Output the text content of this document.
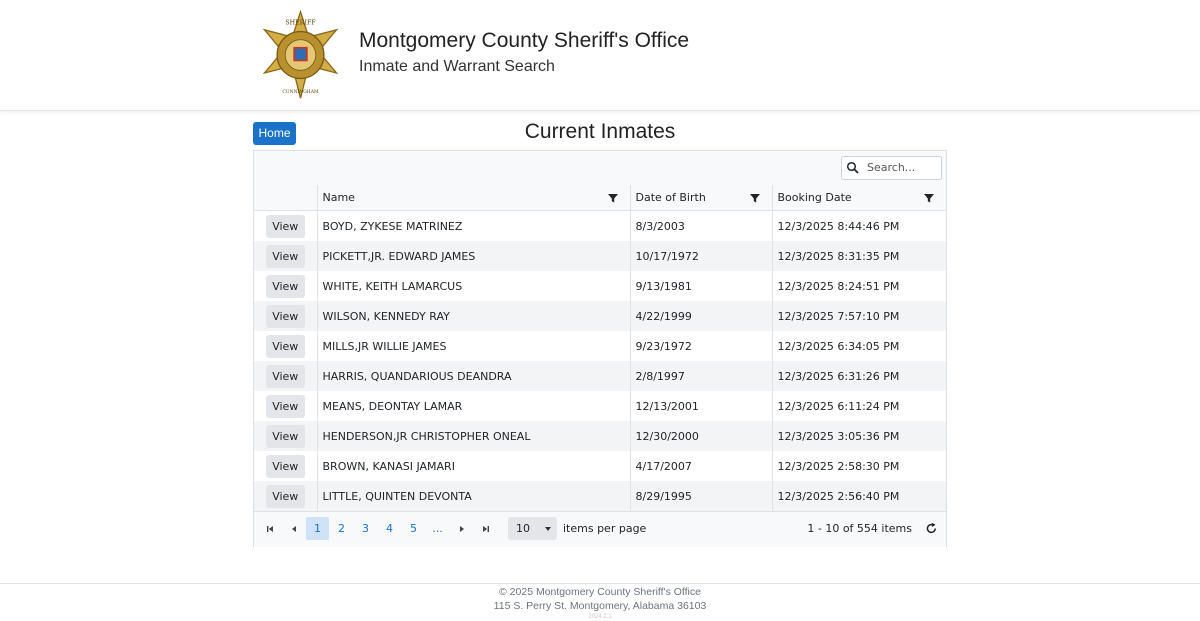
SHERIFF
CUNNINGHAM
Montgomery County Sheriff's Office
Inmate and Warrant Search
Home	Current Inmates
Search...
	Name	Date of Birth	Booking Date

View	BOYD, ZYKESE MATRINEZ	8/3/2003	12/3/2025 8:44:46 PM

View	PICKETT,JR. EDWARD JAMES	10/17/1972	12/3/2025 8:31:35 PM

View	WHITE, KEITH LAMARCUS	9/13/1981	12/3/2025 8:24:51 PM

View	WILSON, KENNEDY RAY	4/22/1999	12/3/2025 7:57:10 PM

View	MILLS,JR WILLIE JAMES	9/23/1972	12/3/2025 6:34:05 PM

View	HARRIS, QUANDARIOUS DEANDRA	2/8/1997	12/3/2025 6:31:26 PM

View	MEANS, DEONTAY LAMAR	12/13/2001	12/3/2025 6:11:24 PM

View	HENDERSON,JR CHRISTOPHER ONEAL	12/30/2000	12/3/2025 3:05:36 PM

View	BROWN, KANASI JAMARI	4/17/2007	12/3/2025 2:58:30 PM

View	LITTLE, QUINTEN DEVONTA	8/29/1995	12/3/2025 2:56:40 PM
1	2	3	4	5	...	10	items per page	1 - 10 of 554 items
© 2025 Montgomery County Sheriff's Office
115 S. Perry St. Montgomery, Alabama 36103
2024.2.1
